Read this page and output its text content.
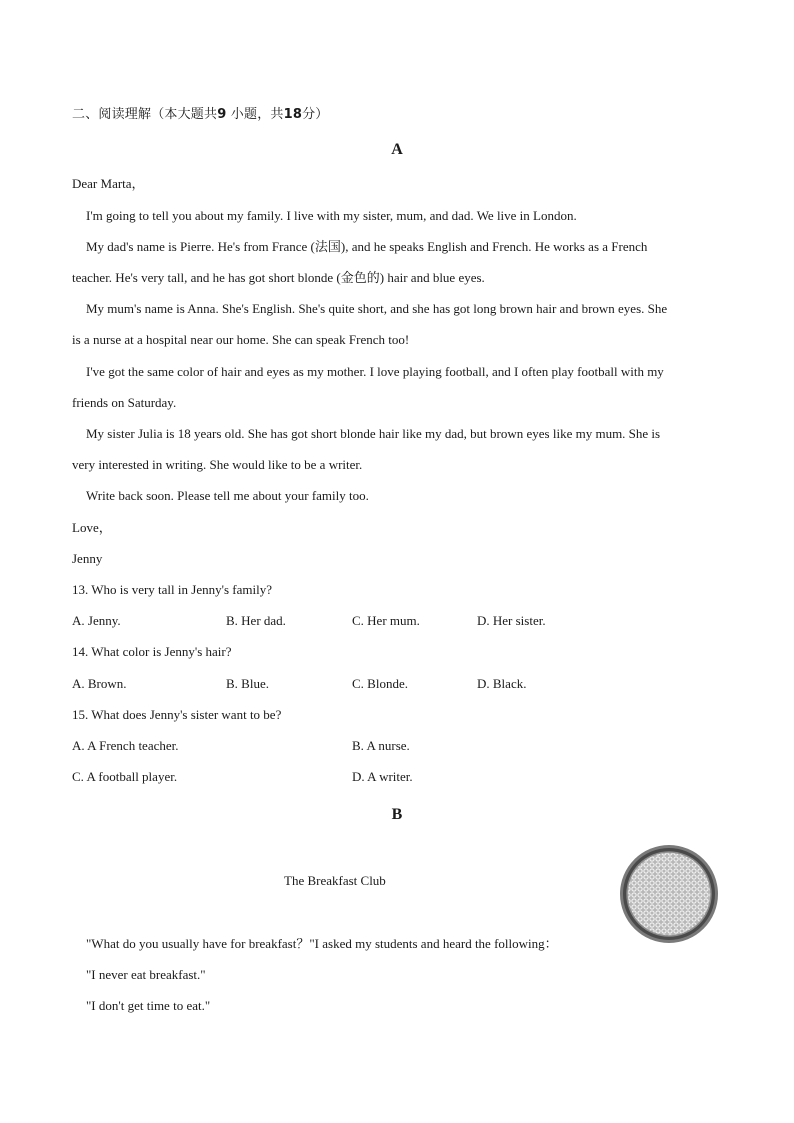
二、阅读理解（本大题共9 小题，共18分）
A
Dear Marta，
I'm going to tell you about my family. I live with my sister, mum, and dad. We live in London.
My dad's name is Pierre. He's from France (法国), and he speaks English and French. He works as a French
teacher. He's very tall, and he has got short blonde (金色的) hair and blue eyes.
My mum's name is Anna. She's English. She's quite short, and she has got long brown hair and brown eyes. She
is a nurse at a hospital near our home. She can speak French too!
I've got the same color of hair and eyes as my mother. I love playing football, and I often play football with my
friends on Saturday.
My sister Julia is 18 years old. She has got short blonde hair like my dad, but brown eyes like my mum. She is
very interested in writing. She would like to be a writer.
Write back soon. Please tell me about your family too.
Love，
Jenny
13. Who is very tall in Jenny's family?
A. Jenny.	B. Her dad.	C. Her mum.	D. Her sister.
14. What color is Jenny's hair?
A. Brown.	B. Blue.	C. Blonde.	D. Black.
15. What does Jenny's sister want to be?
A. A French teacher.	B. A nurse.
C. A football player.	D. A writer.
B
The Breakfast Club
"What do you usually have for breakfast？"I asked my students and heard the following：
"I never eat breakfast."
"I don't get time to eat."
